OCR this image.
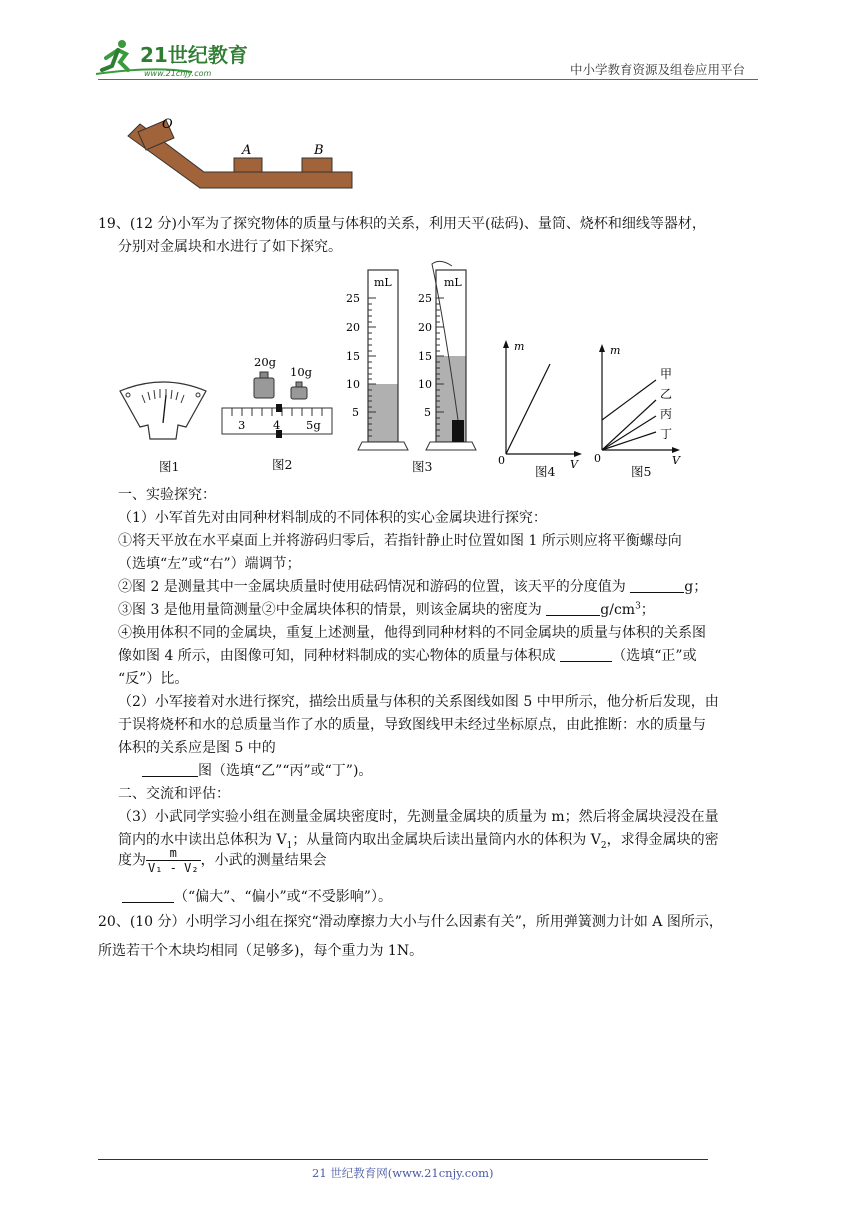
21世纪教育
www.21cnjy.com	中小学教育资源及组卷应用平台
O
A	B
19、(12 分)小军为了探究物体的质量与体积的关系，利用天平(砝码)、量筒、烧杯和细线等器材，
分别对金属块和水进行了如下探究。
20g
10g
3 4 5g
mL
25
20
15
10
5
mL
25
20
15
10
5
m
0	V
m
0	V
甲
乙
丙
丁
图1	图2	图3	图4	图5
一、实验探究：
（1）小军首先对由同种材料制成的不同体积的实心金属块进行探究：
①将天平放在水平桌面上并将游码归零后，若指针静止时位置如图 1 所示则应将平衡螺母向
（选填“左”或“右”）端调节；
②图 2 是测量其中一金属块质量时使用砝码情况和游码的位置，该天平的分度值为	g；
③图 3 是他用量筒测量②中金属块体积的情景，则该金属块的密度为	$g/cm^3$；
④换用体积不同的金属块，重复上述测量，他得到同种材料的不同金属块的质量与体积的关系图
像如图 4 所示，由图像可知，同种材料制成的实心物体的质量与体积成	（选填“正”或
“反”）比。
（2）小军接着对水进行探究，描绘出质量与体积的关系图线如图 5 中甲所示，他分析后发现，由
于误将烧杯和水的总质量当作了水的质量，导致图线甲未经过坐标原点，由此推断：水的质量与
体积的关系应是图 5 中的
图（选填“乙”“丙”或“丁”)。
二、交流和评估：
（3）小武同学实验小组在测量金属块密度时，先测量金属块的质量为 m；然后将金属块浸没在量
筒内的水中读出总体积为 $V_1$；从量筒内取出金属块后读出量筒内水的体积为 $V_2$，求得金属块的密
度为 $\frac{m}{\text{V₁ - V₂}}$ ，小武的测量结果会
（“偏大”、“偏小”或“不受影响”）。
20、(10 分）小明学习小组在探究“滑动摩擦力大小与什么因素有关”，所用弹簧测力计如 A 图所示，
所选若干个木块均相同（足够多)，每个重力为 1N。
21 世纪教育网(www.21cnjy.com)
